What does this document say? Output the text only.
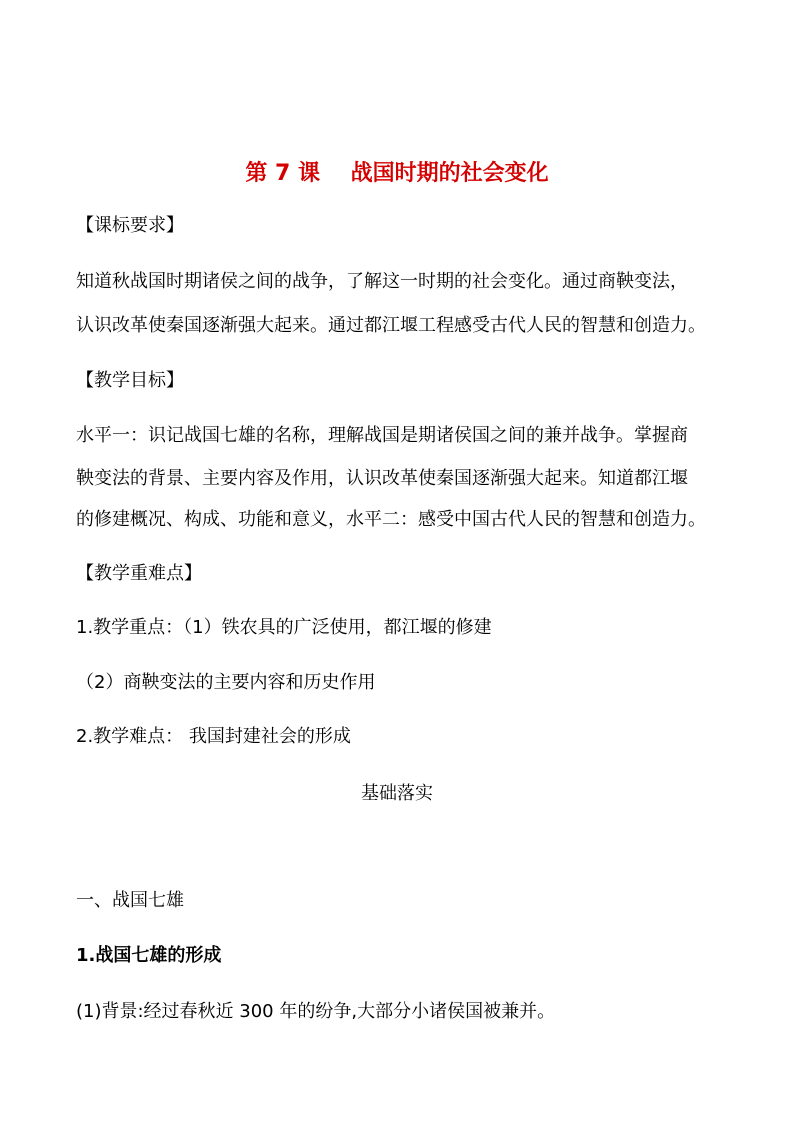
第 7 课    战国时期的社会变化
【课标要求】
知道秋战国时期诸侯之间的战争，了解这一时期的社会变化。通过商鞅变法，
认识改革使秦国逐渐强大起来。通过都江堰工程感受古代人民的智慧和创造力。
【教学目标】
水平一：识记战国七雄的名称，理解战国是期诸侯国之间的兼并战争。掌握商
鞅变法的背景、主要内容及作用，认识改革使秦国逐渐强大起来。知道都江堰
的修建概况、构成、功能和意义，水平二：感受中国古代人民的智慧和创造力。
【教学重难点】
1.教学重点：（1）铁农具的广泛使用，都江堰的修建
（2）商鞅变法的主要内容和历史作用
2.教学难点： 我国封建社会的形成
基础落实
一、战国七雄
1.战国七雄的形成
(1)背景:经过春秋近 300 年的纷争,大部分小诸侯国被兼并。
